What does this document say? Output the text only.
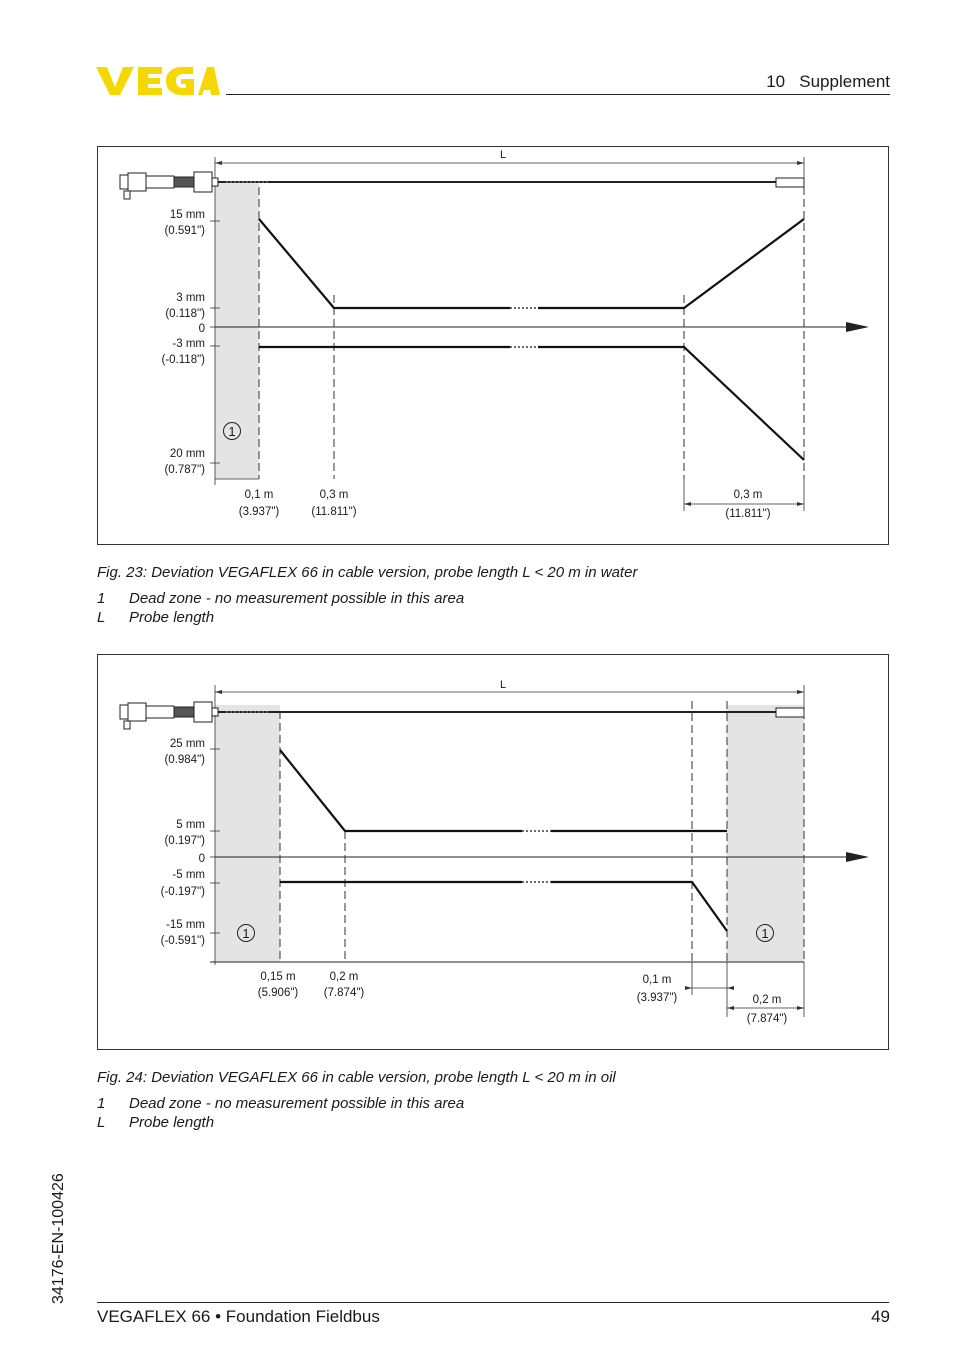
10   Supplement
L
1
15 mm
(0.591")
3 mm
(0.118")
0
-3 mm
(-0.118")
20 mm
(0.787")
0,1 m
(3.937")
0,3 m
(11.811")
0,3 m
(11.811")
Fig. 23: Deviation VEGAFLEX 66 in cable version, probe length L < 20 m in water
1	Dead zone - no measurement possible in this area
L	Probe length
L
1	1
25 mm
(0.984")
5 mm
(0.197")
0
-5 mm
(-0.197")
-15 mm
(-0.591")
0,15 m
(5.906")
0,2 m
(7.874")
0,1 m
(3.937")	0,2 m
(7.874")
Fig. 24: Deviation VEGAFLEX 66 in cable version, probe length L < 20 m in oil
1	Dead zone - no measurement possible in this area
L	Probe length
34176-EN-100426
VEGAFLEX 66 • Foundation Fieldbus	49
